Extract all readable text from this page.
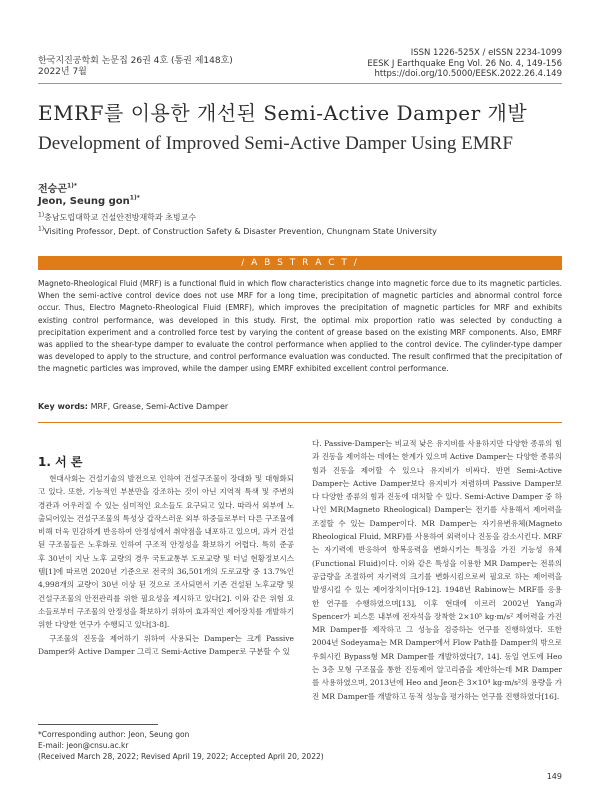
한국지진공학회 논문집 26권 4호 (통권 제148호)
2022년 7월
ISSN 1226-525X / eISSN 2234-1099
EESK J Earthquake Eng Vol. 26 No. 4, 149-156
https://doi.org/10.5000/EESK.2022.26.4.149
EMRF를 이용한 개선된 Semi-Active Damper 개발
Development of Improved Semi-Active Damper Using EMRF
전승곤$^{1)*}$
Jeon, Seung gon$^{1)*}$
$^{1)}$충남도립대학교 건설안전방재학과 초빙교수
$^{1)}$Visiting Professor, Dept. of Construction Safety & Disaster Prevention, Chungnam State University
/ A B S T R A C T /
Magneto-Rheological Fluid (MRF) is a functional fluid in which flow characteristics change into magnetic force due to its magnetic particles. When the semi-active control device does not use MRF for a long time, precipitation of magnetic particles and abnormal control force occur. Thus, Electro Magneto-Rheological Fluid (EMRF), which improves the precipitation of magnetic particles for MRF and exhibits existing control performance, was developed in this study. First, the optimal mix proportion ratio was selected by conducting a precipitation experiment and a controlled force test by varying the content of grease based on the existing MRF components. Also, EMRF was applied to the shear-type damper to evaluate the control performance when applied to the control device. The cylinder-type damper was developed to apply to the structure, and control performance evaluation was conducted. The result confirmed that the precipitation of the magnetic particles was improved, while the damper using EMRF exhibited excellent control performance.
Key words: MRF, Grease, Semi-Active Damper
1. 서 론

현대사회는 건설기술의 발전으로 인하여 건설구조물이 장대화 및 대형화되고 있다. 또한, 기능적인 부분만을 강조하는 것이 아닌 지역적 특색 및 주변의 경관과 어우러질 수 있는 심미적인 요소들도 요구되고 있다. 따라서 외부에 노출되어있는 건설구조물의 특성상 갑작스러운 외부 하중들로부터 다른 구조물에 비해 더욱 민감하게 반응하여 안정성에서 취약점을 내포하고 있으며, 과거 건설된 구조물들은 노후화로 인하여 구조적 안정성을 확보하기 어렵다. 특히 준공 후 30년이 지난 노후 교량의 경우 국토교통부 도로교량 및 터널 현황정보시스템[1]에 따르면 2020년 기준으로 전국의 36,501개의 도로교량 중 13.7%인 4,998개의 교량이 30년 이상 된 것으로 조사되면서 기존 건설된 노후교량 및 건설구조물의 안전관리를 위한 필요성을 제시하고 있다[2]. 이와 같은 위험 요소들로부터 구조물의 안정성을 확보하기 위하여 효과적인 제어장치를 개발하기 위한 다양한 연구가 수행되고 있다[3-8].

구조물의 진동을 제어하기 위하여 사용되는 Damper는 크게 Passive Damper와 Active Damper 그리고 Semi-Active Damper로 구분할 수 있

다. Passive-Damper는 비교적 낮은 유지비를 사용하지만 다양한 종류의 힘과 진동을 제어하는 데에는 한계가 있으며 Active Damper는 다양한 종류의 힘과 진동을 제어할 수 있으나 유지비가 비싸다. 반면 Semi-Active Damper는 Active Damper보다 유지비가 저렴하며 Passive Damper보다 다양한 종류의 힘과 진동에 대처할 수 있다. Semi-Active Damper 중 하나인 MR(Magneto Rheological) Damper는 전기를 사용해서 제어력을 조절할 수 있는 Damper이다. MR Damper는 자기유변유체(Magneto Rheological Fluid, MRF)를 사용하여 외력이나 진동을 감소시킨다. MRF는 자기력에 반응하여 항복응력을 변화시키는 특징을 가진 기능성 유체(Functional Fluid)이다. 이와 같은 특성을 이용한 MR Damper는 전류의 공급량을 조절하여 자기력의 크기를 변화시킴으로써 필요로 하는 제어력을 발생시킬 수 있는 제어장치이다[9-12]. 1948년 Rabinow는 MRF를 응용한 연구를 수행하였으며[13], 이후 현대에 이르러 2002년 Yang과 Spencer가 피스톤 내부에 전자석을 장착한 2×10⁵ kg·m/s² 제어력을 가진 MR Damper를 제작하고 그 성능을 검증하는 연구를 진행하였다. 또한 2004년 Sodeyama는 MR Damper에서 Flow Path를 Damper의 밖으로 우회시킨 Bypass형 MR Damper를 개발하였다[7, 14]. 동일 연도에 Heo는 3층 모형 구조물을 통한 진동제어 알고리즘을 제안하는데 MR Damper를 사용하였으며, 2013년에 Heo and Jeon은 3×10⁴ kg·m/s²의 용량을 가진 MR Damper를 개발하고 동적 성능을 평가하는 연구를 진행하였다[16].

*Corresponding author: Jeon, Seung gon
E-mail: jeon@cnsu.ac.kr
(Received March 28, 2022; Revised April 19, 2022; Accepted April 20, 2022)
149
